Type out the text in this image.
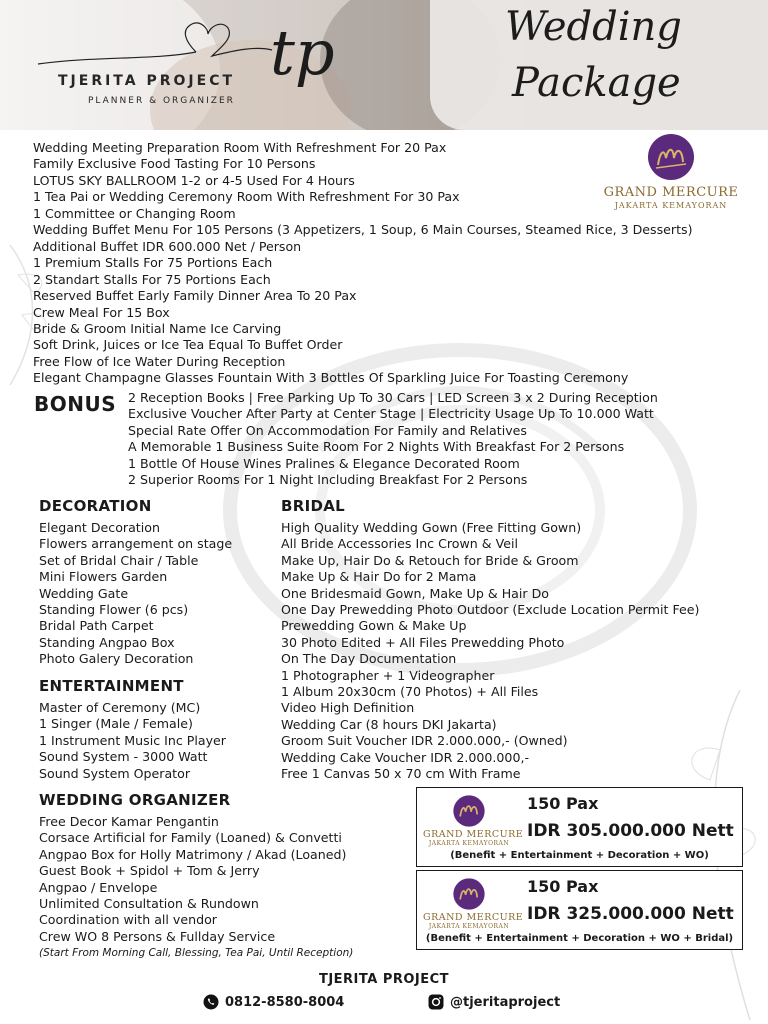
TJERITA PROJECT
PLANNER & ORGANIZER
tp	Wedding
Package
Wedding Meeting Preparation Room With Refreshment For 20 Pax
Family Exclusive Food Tasting For 10 Persons
LOTUS SKY BALLROOM 1-2 or 4-5 Used For 4 Hours
1 Tea Pai or Wedding Ceremony Room With Refreshment For 30 Pax
1 Committee or Changing Room
Wedding Buffet Menu For 105 Persons (3 Appetizers, 1 Soup, 6 Main Courses, Steamed Rice, 3 Desserts)
Additional Buffet IDR 600.000 Net / Person
1 Premium Stalls For 75 Portions Each
2 Standart Stalls For 75 Portions Each
Reserved Buffet Early Family Dinner Area To 20 Pax
Crew Meal For 15 Box
Bride & Groom Initial Name Ice Carving
Soft Drink, Juices or Ice Tea Equal To Buffet Order
Free Flow of Ice Water During Reception
Elegant Champagne Glasses Fountain With 3 Bottles Of Sparkling Juice For Toasting Ceremony
GRAND MERCURE
JAKARTA KEMAYORAN
BONUS 2 Reception Books | Free Parking Up To 30 Cars | LED Screen 3 x 2 During Reception
Exclusive Voucher After Party at Center Stage | Electricity Usage Up To 10.000 Watt
Special Rate Offer On Accommodation For Family and Relatives
A Memorable 1 Business Suite Room For 2 Nights With Breakfast For 2 Persons
1 Bottle Of House Wines Pralines & Elegance Decorated Room
2 Superior Rooms For 1 Night Including Breakfast For 2 Persons
DECORATION
Elegant Decoration
Flowers arrangement on stage
Set of Bridal Chair / Table
Mini Flowers Garden
Wedding Gate
Standing Flower (6 pcs)
Bridal Path Carpet
Standing Angpao Box
Photo Galery Decoration
ENTERTAINMENT
Master of Ceremony (MC)
1 Singer (Male / Female)
1 Instrument Music Inc Player
Sound System - 3000 Watt
Sound System Operator
WEDDING ORGANIZER
Free Decor Kamar Pengantin
Corsace Artificial for Family (Loaned) & Convetti
Angpao Box for Holly Matrimony / Akad (Loaned)
Guest Book + Spidol + Tom & Jerry
Angpao / Envelope
Unlimited Consultation & Rundown
Coordination with all vendor
Crew WO 8 Persons & Fullday Service
(Start From Morning Call, Blessing, Tea Pai, Until Reception)
BRIDAL
High Quality Wedding Gown (Free Fitting Gown)
All Bride Accessories Inc Crown & Veil
Make Up, Hair Do & Retouch for Bride & Groom
Make Up & Hair Do for 2 Mama
One Bridesmaid Gown, Make Up & Hair Do
One Day Prewedding Photo Outdoor (Exclude Location Permit Fee)
Prewedding Gown & Make Up
30 Photo Edited + All Files Prewedding Photo
On The Day Documentation
1 Photographer + 1 Videographer
1 Album 20x30cm (70 Photos) + All Files
Video High Definition
Wedding Car (8 hours DKI Jakarta)
Groom Suit Voucher IDR 2.000.000,- (Owned)
Wedding Cake Voucher IDR 2.000.000,-
Free 1 Canvas 50 x 70 cm With Frame
GRAND MERCURE
JAKARTA KEMAYORAN
150 Pax
IDR 305.000.000 Nett
(Benefit + Entertainment + Decoration + WO)
GRAND MERCURE
JAKARTA KEMAYORAN
150 Pax
IDR 325.000.000 Nett
(Benefit + Entertainment + Decoration + WO + Bridal)
TJERITA PROJECT
0812-8580-8004	@tjeritaproject
